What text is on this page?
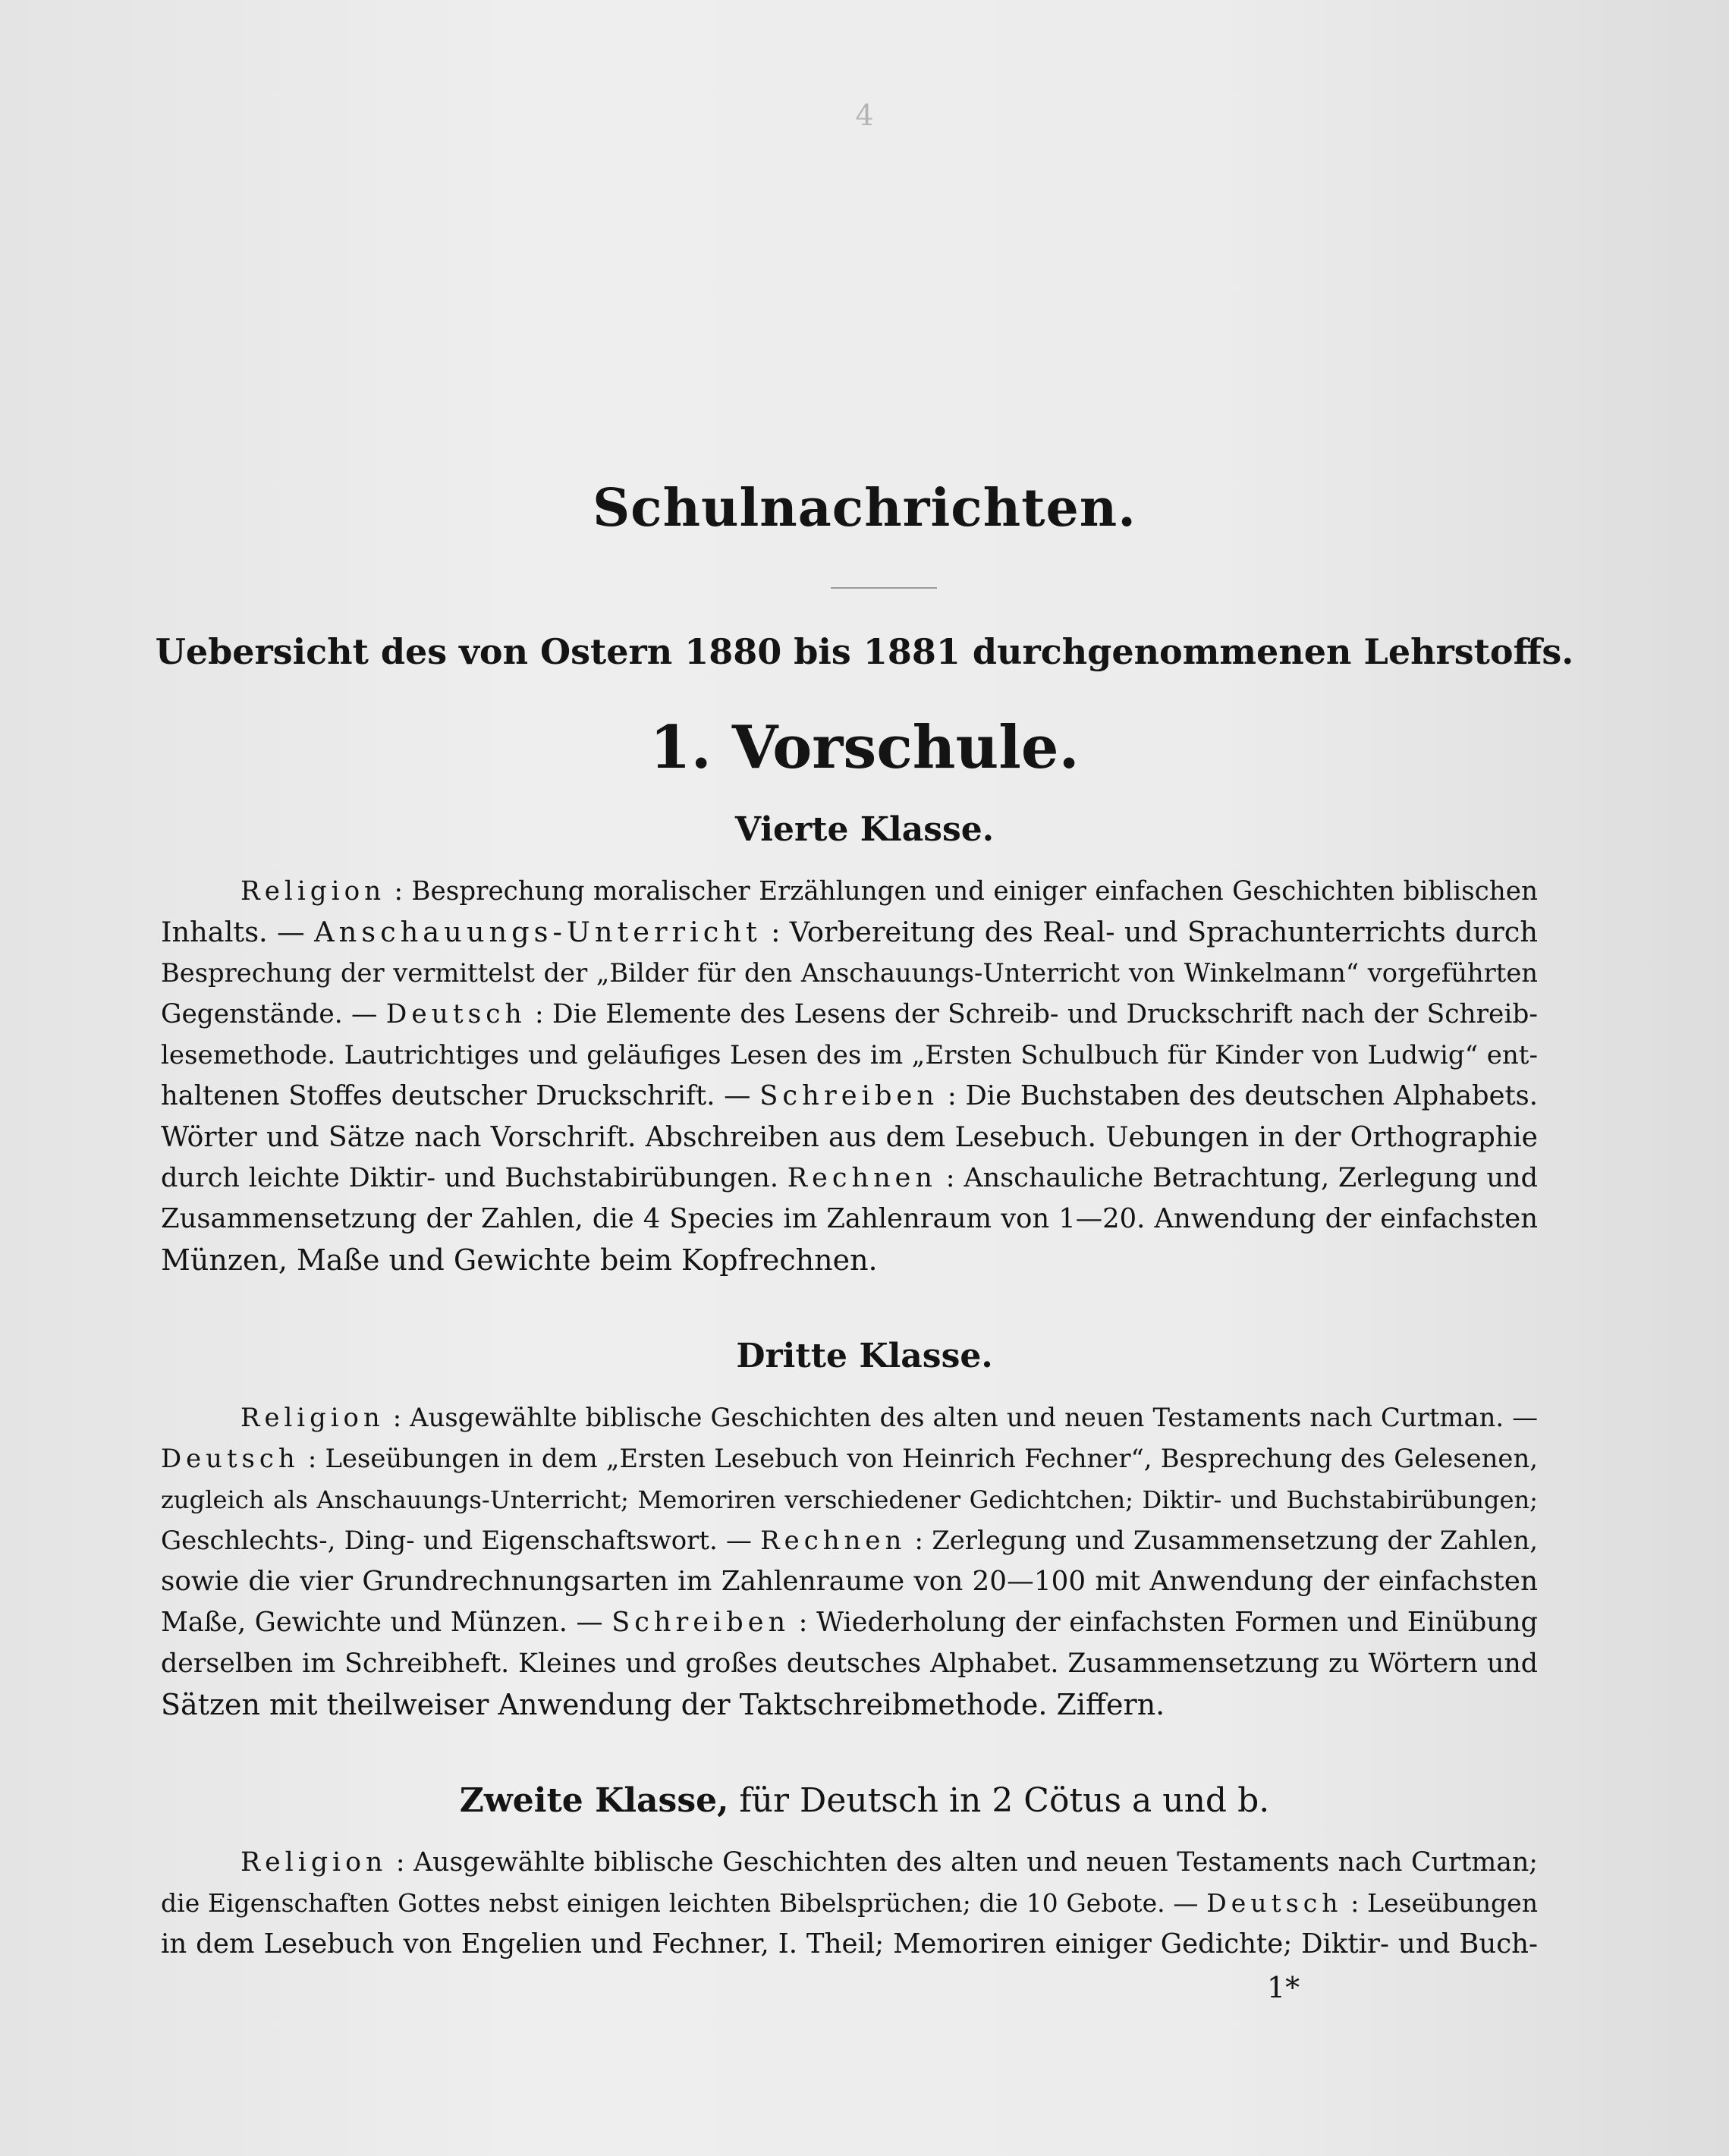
4
Schulnachrichten.
Uebersicht des von Ostern 1880 bis 1881 durchgenommenen Lehrstoffs.
1. Vorschule.
Vierte Klasse.
Religion : Besprechung moralischer Erzählungen und einiger einfachen Geschichten biblischen
Inhalts. — Anschauungs-Unterricht : Vorbereitung des Real- und Sprachunterrichts durch
Besprechung der vermittelst der „Bilder für den Anschauungs-Unterricht von Winkelmann“ vorgeführten
Gegenstände. — Deutsch : Die Elemente des Lesens der Schreib- und Druckschrift nach der Schreib-
lesemethode. Lautrichtiges und geläufiges Lesen des im „Ersten Schulbuch für Kinder von Ludwig“ ent-
haltenen Stoffes deutscher Druckschrift. — Schreiben : Die Buchstaben des deutschen Alphabets.
Wörter und Sätze nach Vorschrift. Abschreiben aus dem Lesebuch. Uebungen in der Orthographie
durch leichte Diktir- und Buchstabirübungen. Rechnen : Anschauliche Betrachtung, Zerlegung und
Zusammensetzung der Zahlen, die 4 Species im Zahlenraum von 1—20. Anwendung der einfachsten
Münzen, Maße und Gewichte beim Kopfrechnen.
Dritte Klasse.
Religion : Ausgewählte biblische Geschichten des alten und neuen Testaments nach Curtman. —
Deutsch : Leseübungen in dem „Ersten Lesebuch von Heinrich Fechner“, Besprechung des Gelesenen,
zugleich als Anschauungs-Unterricht; Memoriren verschiedener Gedichtchen; Diktir- und Buchstabirübungen;
Geschlechts-, Ding- und Eigenschaftswort. — Rechnen : Zerlegung und Zusammensetzung der Zahlen,
sowie die vier Grundrechnungsarten im Zahlenraume von 20—100 mit Anwendung der einfachsten
Maße, Gewichte und Münzen. — Schreiben : Wiederholung der einfachsten Formen und Einübung
derselben im Schreibheft. Kleines und großes deutsches Alphabet. Zusammensetzung zu Wörtern und
Sätzen mit theilweiser Anwendung der Taktschreibmethode. Ziffern.
Zweite Klasse, für Deutsch in 2 Cötus a und b.
Religion : Ausgewählte biblische Geschichten des alten und neuen Testaments nach Curtman;
die Eigenschaften Gottes nebst einigen leichten Bibelsprüchen; die 10 Gebote. — Deutsch : Leseübungen
in dem Lesebuch von Engelien und Fechner, I. Theil; Memoriren einiger Gedichte; Diktir- und Buch-
1*
